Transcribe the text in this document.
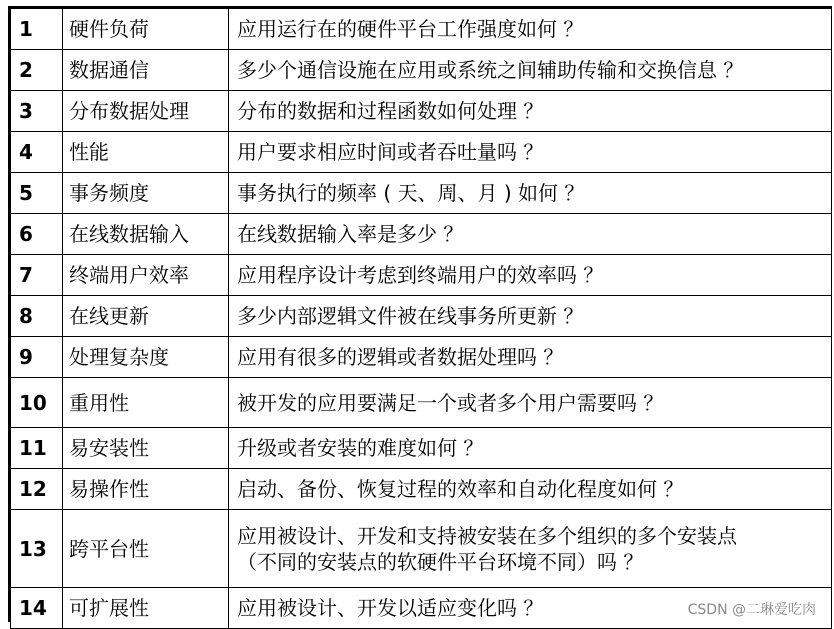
1	硬件负荷	应用运行在的硬件平台工作强度如何 ？
2	数据通信	多少个通信设施在应用或系统之间辅助传输和交换信息 ？
3	分布数据处理	分布的数据和过程函数如何处理 ？
4	性能	用户要求相应时间或者吞吐量吗 ？
5	事务频度	事务执行的频率 ( 天、周、月 ) 如何 ？
6	在线数据输入	在线数据输入率是多少 ？
7	终端用户效率	应用程序设计考虑到终端用户的效率吗 ？
8	在线更新	多少内部逻辑文件被在线事务所更新 ？
9	处理复杂度	应用有很多的逻辑或者数据处理吗 ？
10	重用性	被开发的应用要满足一个或者多个用户需要吗 ？
11	易安装性	升级或者安装的难度如何 ？
12	易操作性	启动、备份、恢复过程的效率和自动化程度如何 ？
13	跨平台性	应用被设计、开发和支持被安装在多个组织的多个安装点
（不同的安装点的软硬件平台环境不同）吗 ？

14	可扩展性	应用被设计、开发以适应变化吗 ？	CSDN @二琳爱吃肉
